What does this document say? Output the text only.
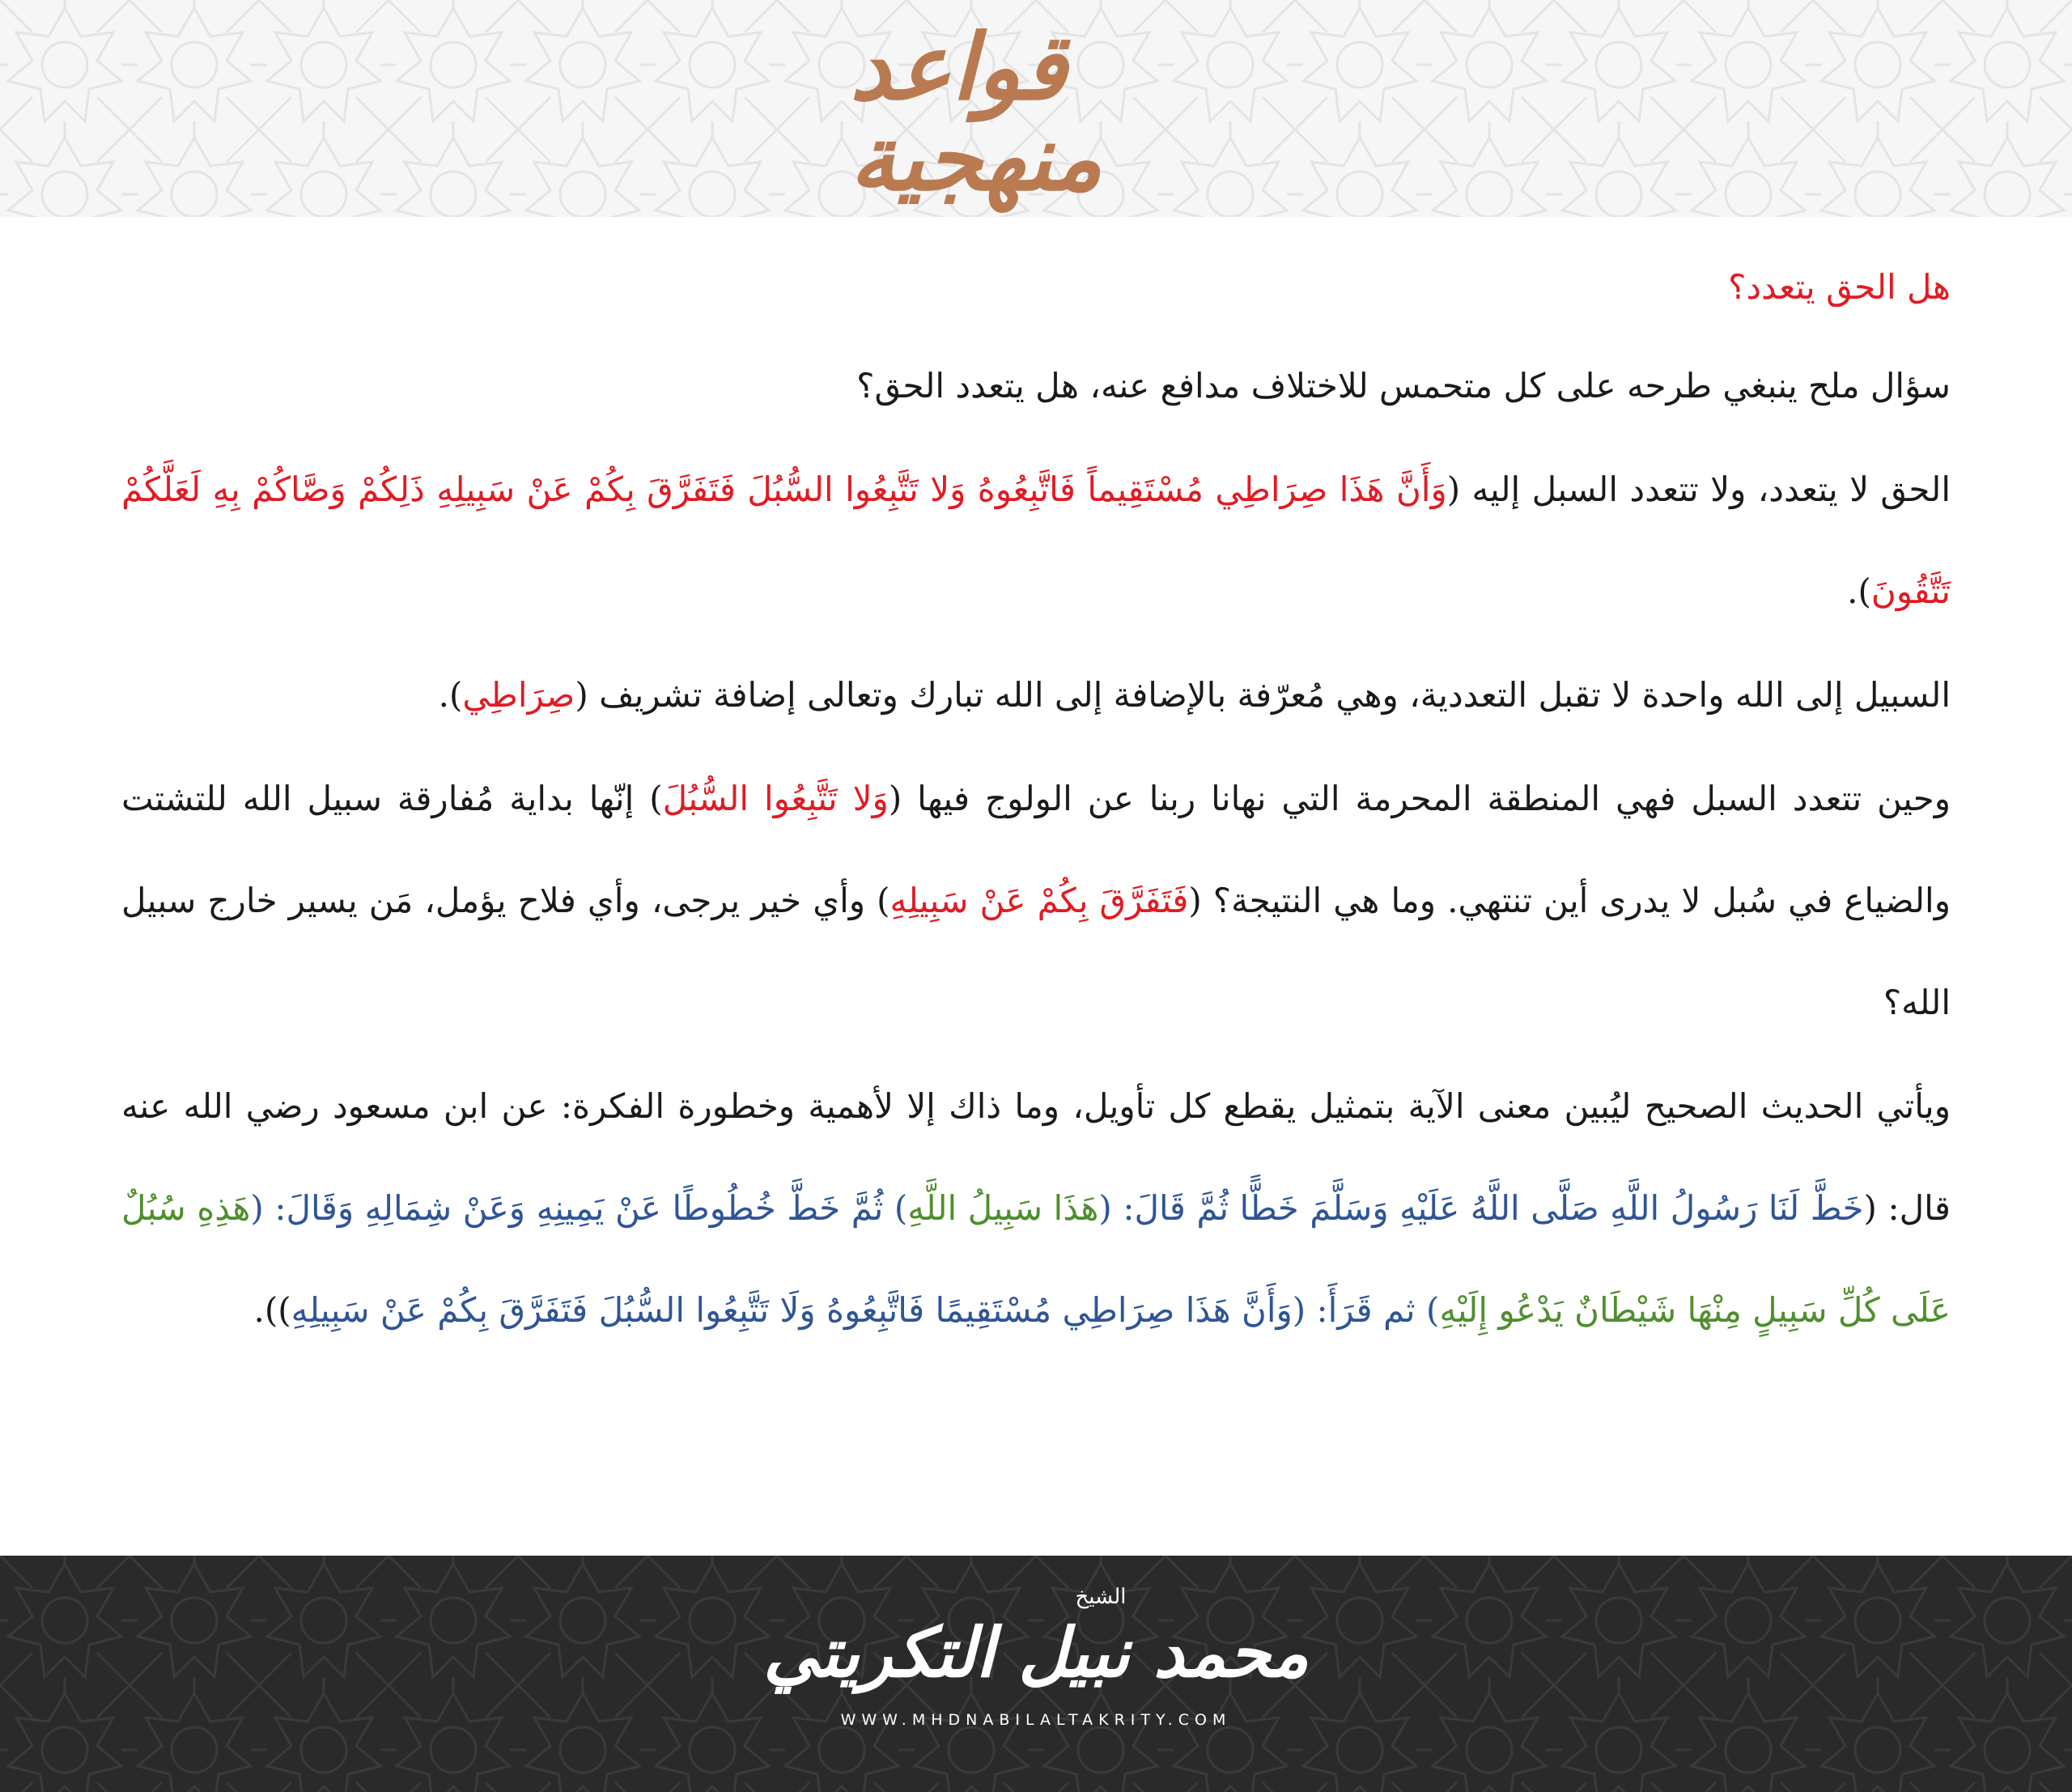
قواعد منهجية
هل الحق يتعدد؟

سؤال ملح ينبغي طرحه على كل متحمس للاختلاف مدافع عنه، هل يتعدد الحق؟

الحق لا يتعدد، ولا تتعدد السبل إليه (وَأَنَّ هَذَا صِرَاطِي مُسْتَقِيماً فَاتَّبِعُوهُ وَلا تَتَّبِعُوا السُّبُلَ فَتَفَرَّقَ بِكُمْ عَنْ سَبِيلِهِ ذَلِكُمْ وَصَّاكُمْ بِهِ لَعَلَّكُمْ تَتَّقُونَ).

السبيل إلى الله واحدة لا تقبل التعددية، وهي مُعرّفة بالإضافة إلى الله تبارك وتعالى إضافة تشريف (صِرَاطِي).

وحين تتعدد السبل فهي المنطقة المحرمة التي نهانا ربنا عن الولوج فيها (وَلا تَتَّبِعُوا السُّبُلَ) إنّها بداية مُفارقة سبيل الله للتشتت والضياع في سُبل لا يدرى أين تنتهي. وما هي النتيجة؟ (فَتَفَرَّقَ بِكُمْ عَنْ سَبِيلِهِ) وأي خير يرجى، وأي فلاح يؤمل، مَن يسير خارج سبيل الله؟

ويأتي الحديث الصحيح ليُبين معنى الآية بتمثيل يقطع كل تأويل، وما ذاك إلا لأهمية وخطورة الفكرة: عن ابن مسعود رضي الله عنه قال: (خَطَّ لَنَا رَسُولُ اللَّهِ صَلَّى اللَّهُ عَلَيْهِ وَسَلَّمَ خَطًّا ثُمَّ قَالَ: (هَذَا سَبِيلُ اللَّهِ) ثُمَّ خَطَّ خُطُوطًا عَنْ يَمِينِهِ وَعَنْ شِمَالِهِ وَقَالَ: (هَذِهِ سُبُلٌ عَلَى كُلِّ سَبِيلٍ مِنْهَا شَيْطَانٌ يَدْعُو إِلَيْهِ) ثم قَرَأَ: (وَأَنَّ هَذَا صِرَاطِي مُسْتَقِيمًا فَاتَّبِعُوهُ وَلَا تَتَّبِعُوا السُّبُلَ فَتَفَرَّقَ بِكُمْ عَنْ سَبِيلِهِ)).

الشيخ
محمد نبيل التكريتي
WWW.MHDNABILALTAKRITY.COM
